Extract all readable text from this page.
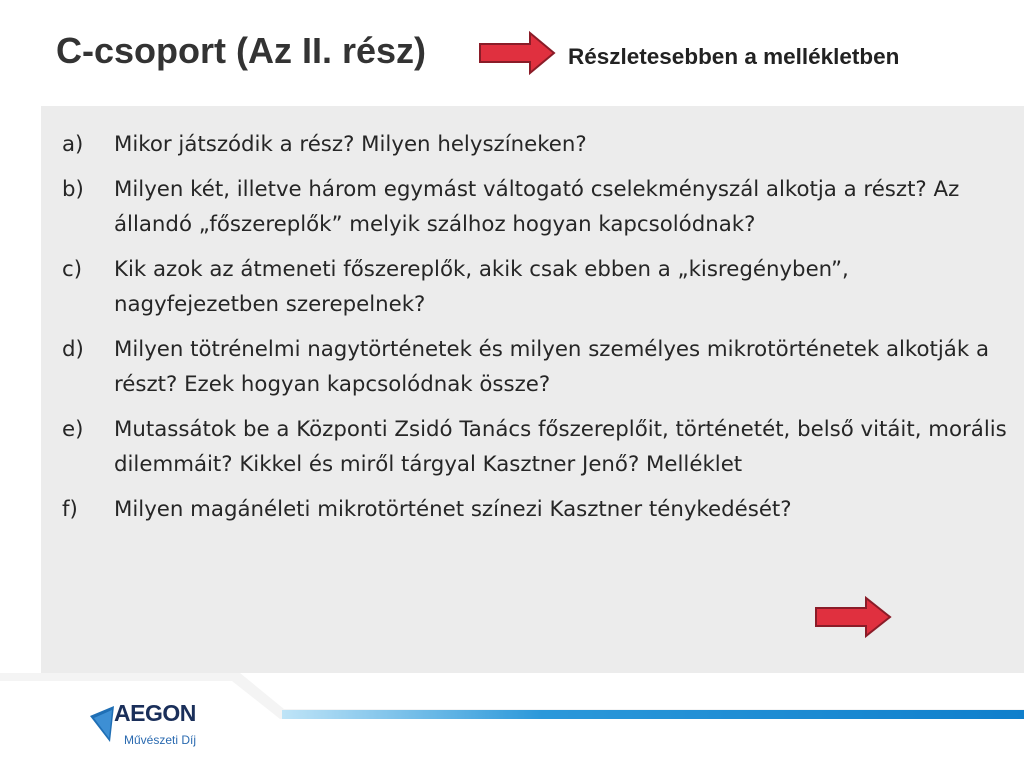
C-csoport (Az II. rész)	Részletesebben a mellékletben
a) Mikor játszódik a rész? Milyen helyszíneken?
b) Milyen két, illetve három egymást váltogató cselekményszál alkotja a részt? Az állandó „főszereplők” melyik szálhoz hogyan kapcsolódnak?
c) Kik azok az átmeneti főszereplők, akik csak ebben a „kisregényben”, nagyfejezetben szerepelnek?
d) Milyen tötrénelmi nagytörténetek és milyen személyes mikrotörténetek alkotják a részt? Ezek hogyan kapcsolódnak össze?
e) Mutassátok be a Központi Zsidó Tanács főszereplőit, történetét, belső vitáit, morális dilemmáit? Kikkel és miről tárgyal Kasztner Jenő? Melléklet
f) Milyen magánéleti mikrotörténet színezi Kasztner ténykedését?
AEGON
Művészeti Díj
